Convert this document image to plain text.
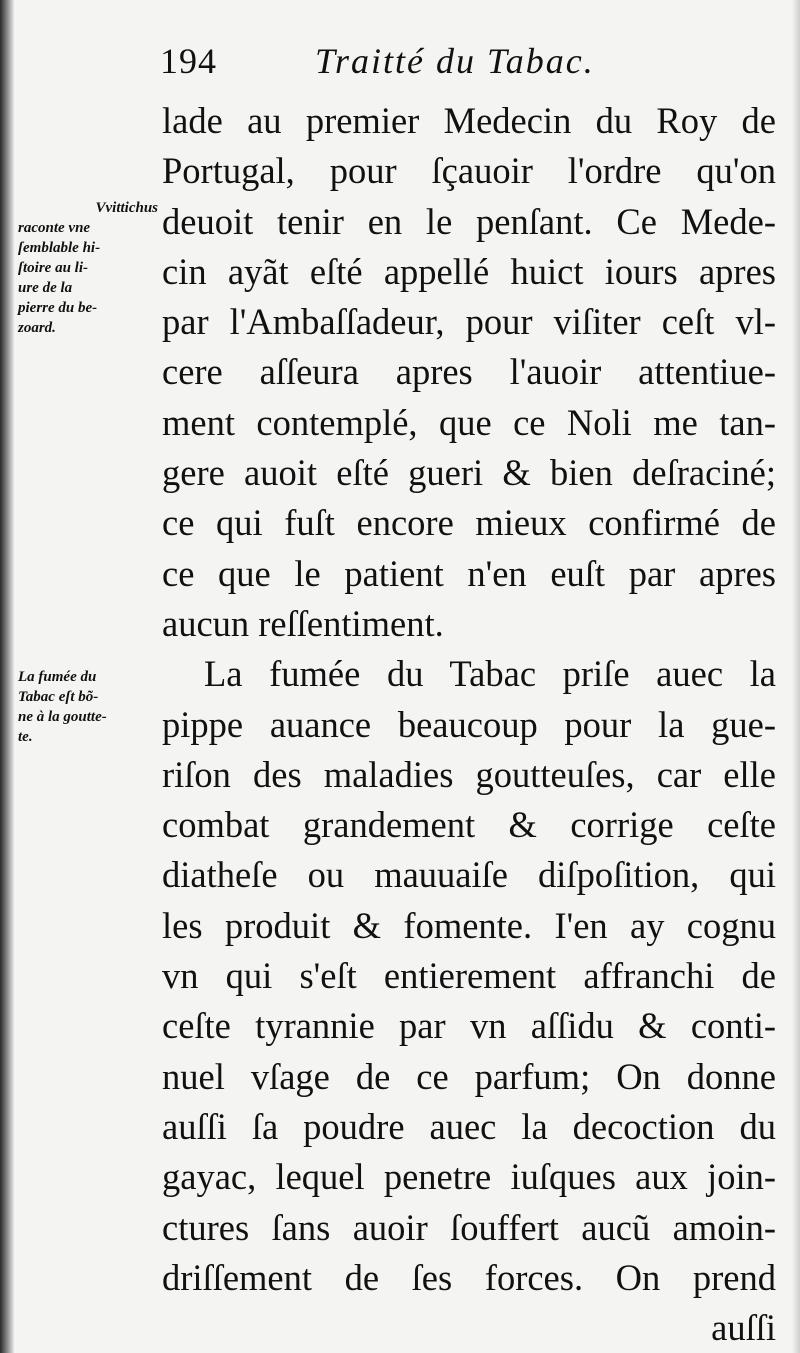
194	Traitté du Tabac.
Vvittichus
raconte vne
ſemblable hi-
ſtoire au li-
ure de la
pierre du be-
zoard.
La fumée du
Tabac eſt bõ-
ne à la goutte-
te.
lade au premier Medecin du Roy de
Portugal, pour ſçauoir l'ordre qu'on
deuoit tenir en le penſant. Ce Mede-
cin ayãt eſté appellé huict iours apres
par l'Ambaſſadeur, pour viſiter ceſt vl-
cere aſſeura apres l'auoir attentiue-
ment contemplé, que ce Noli me tan-
gere auoit eſté gueri & bien deſraciné;
ce qui fuſt encore mieux confirmé de
ce que le patient n'en euſt par apres
aucun reſſentiment.
La fumée du Tabac priſe auec la
pippe auance beaucoup pour la gue-
riſon des maladies goutteuſes, car elle
combat grandement & corrige ceſte
diatheſe ou mauuaiſe diſpoſition, qui
les produit & fomente. I'en ay cognu
vn qui s'eſt entierement affranchi de
ceſte tyrannie par vn aſſidu & conti-
nuel vſage de ce parfum; On donne
auſſi ſa poudre auec la decoction du
gayac, lequel penetre iuſques aux join-
ctures ſans auoir ſouffert aucũ amoin-
driſſement de ſes forces. On prend
auſſi
